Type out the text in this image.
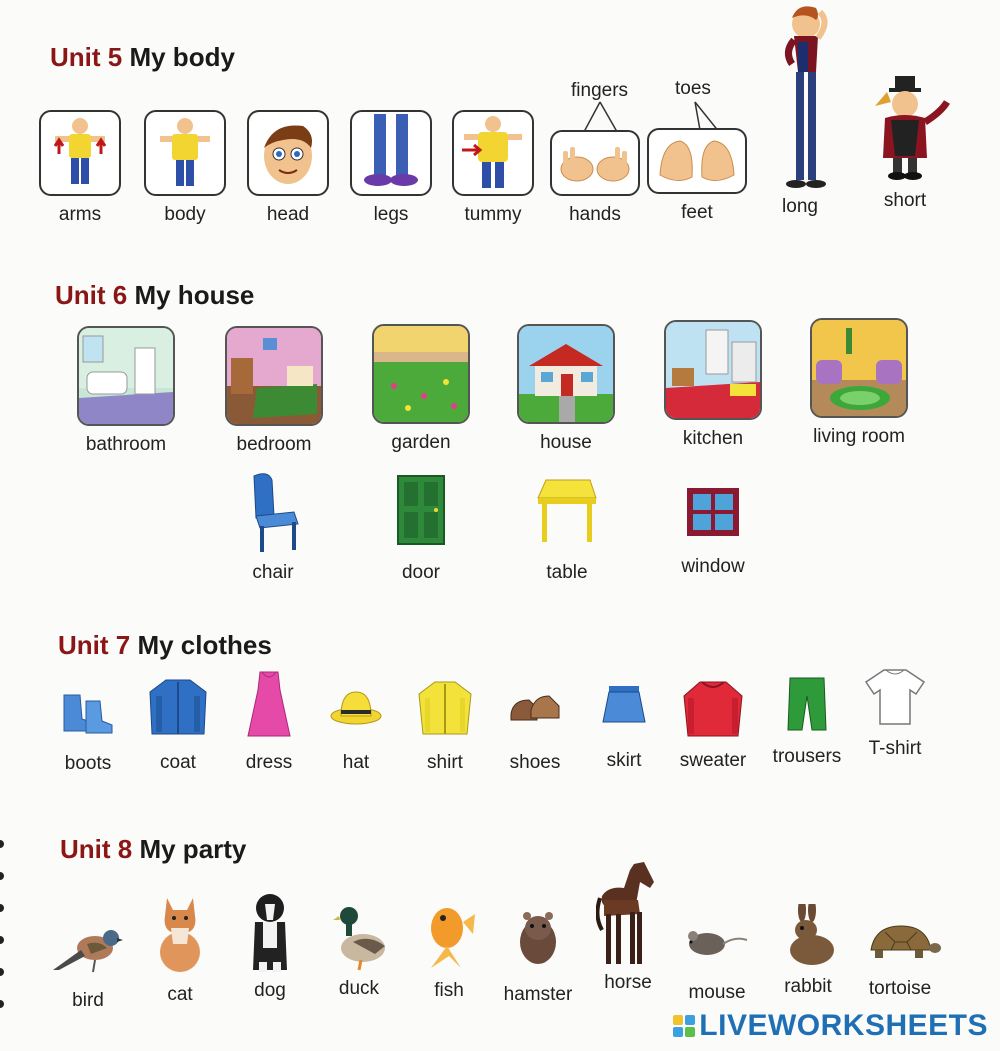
Unit 5 My body
fingers toes
arms	body	head	legs	tummy	hands	feet	long	short
Unit 6 My house
bathroom	bedroom	garden	house	kitchen	living room
chair	door	table	window
Unit 7 My clothes
boots	coat	dress	hat	shirt shoes skirt sweater trousers T-shirt
Unit 8 My party
bird	cat	dog	duck	fish hamster
horse mouse rabbit tortoise
LIVEWORKSHEETS
